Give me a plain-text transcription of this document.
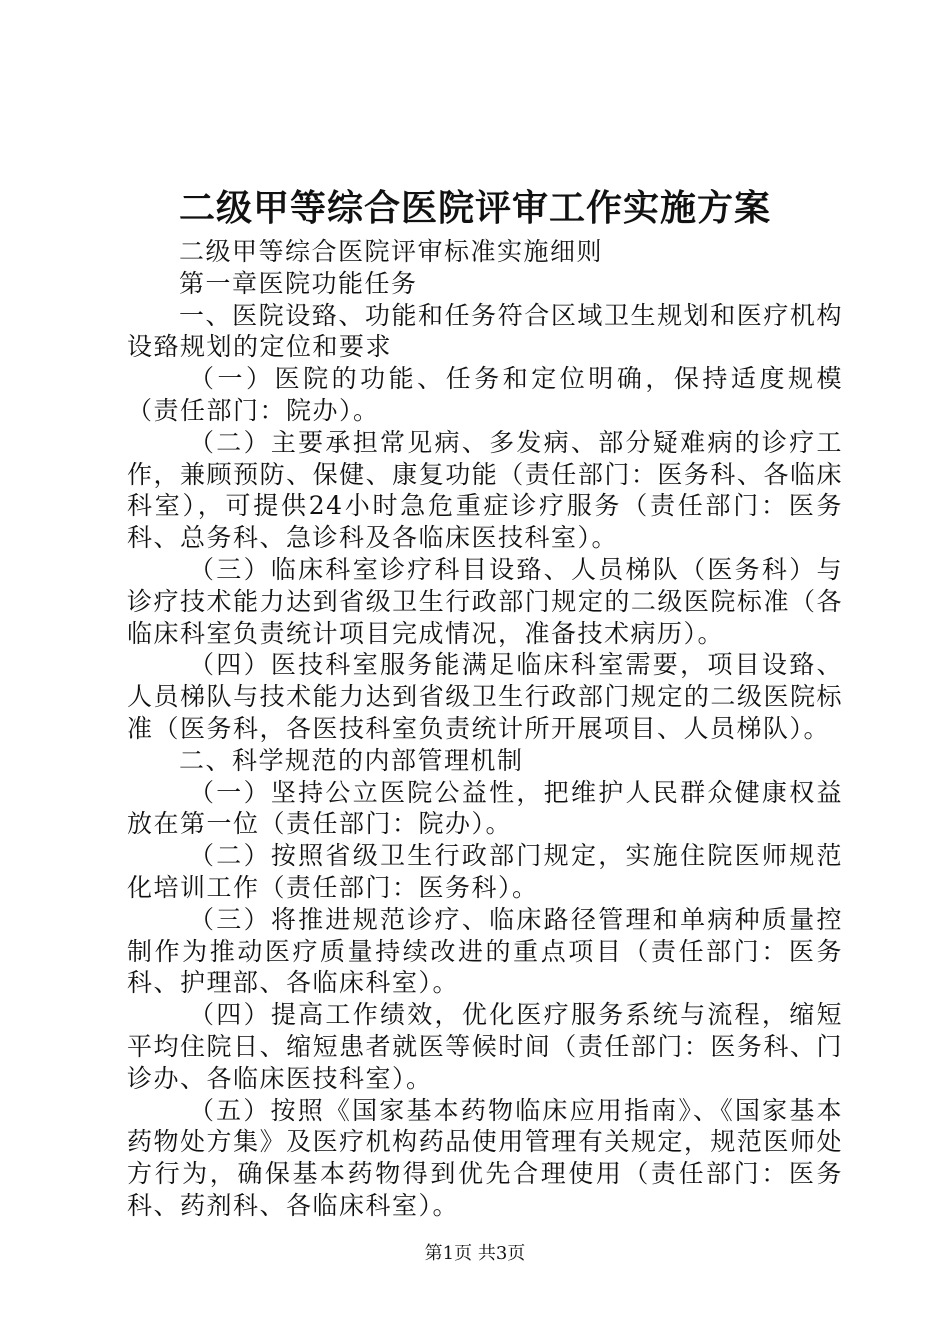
二级甲等综合医院评审工作实施方案

二级甲等综合医院评审标准实施细则

第一章医院功能任务

一、医院设臵、功能和任务符合区域卫生规划和医疗机构设臵规划的定位和要求

（一）医院的功能、任务和定位明确，保持适度规模（责任部门：院办）。

（二）主要承担常见病、多发病、部分疑难病的诊疗工作，兼顾预防、保健、康复功能（责任部门：医务科、各临床科室），可提供24小时急危重症诊疗服务（责任部门：医务科、总务科、急诊科及各临床医技科室）。

（三）临床科室诊疗科目设臵、人员梯队（医务科）与诊疗技术能力达到省级卫生行政部门规定的二级医院标准（各临床科室负责统计项目完成情况，准备技术病历）。

（四）医技科室服务能满足临床科室需要，项目设臵、人员梯队与技术能力达到省级卫生行政部门规定的二级医院标准（医务科，各医技科室负责统计所开展项目、人员梯队）。

二、科学规范的内部管理机制

（一）坚持公立医院公益性，把维护人民群众健康权益放在第一位（责任部门：院办）。

（二）按照省级卫生行政部门规定，实施住院医师规范化培训工作（责任部门：医务科）。

（三）将推进规范诊疗、临床路径管理和单病种质量控制作为推动医疗质量持续改进的重点项目（责任部门：医务科、护理部、各临床科室）。

（四）提高工作绩效，优化医疗服务系统与流程，缩短平均住院日、缩短患者就医等候时间（责任部门：医务科、门诊办、各临床医技科室）。

（五）按照《国家基本药物临床应用指南》、《国家基本药物处方集》及医疗机构药品使用管理有关规定，规范医师处方行为，确保基本药物得到优先合理使用（责任部门：医务科、药剂科、各临床科室）。

第1页 共3页
